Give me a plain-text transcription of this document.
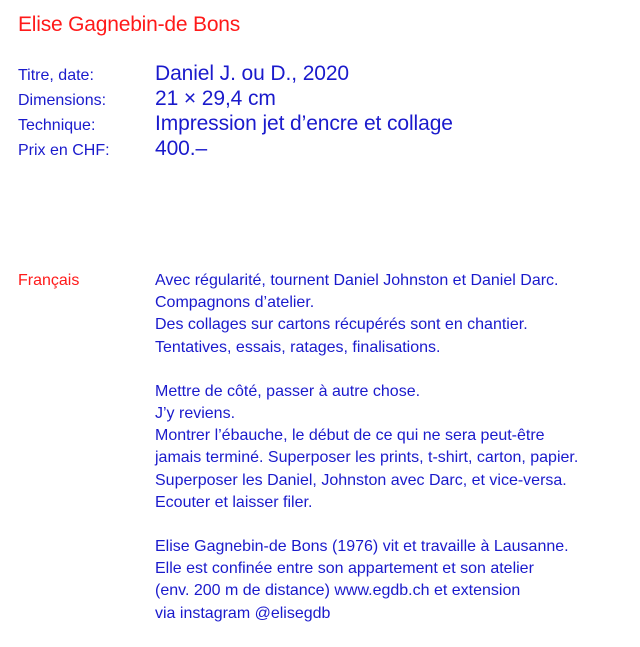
Elise Gagnebin-de Bons
Titre, date:	Daniel J. ou D., 2020
Dimensions:	21 × 29,4 cm
Technique:	Impression jet d’encre et collage
Prix en CHF:	400.–
Français	Avec régularité, tournent Daniel Johnston et Daniel Darc.
Compagnons d’atelier.
Des collages sur cartons récupérés sont en chantier.
Tentatives, essais, ratages, finalisations.

Mettre de côté, passer à autre chose.
J’y reviens.
Montrer l’ébauche, le début de ce qui ne sera peut-être
jamais terminé. Superposer les prints, t-shirt, carton, papier.
Superposer les Daniel, Johnston avec Darc, et vice-versa.
Ecouter et laisser filer.

Elise Gagnebin-de Bons (1976) vit et travaille à Lausanne.
Elle est confinée entre son appartement et son atelier
(env. 200 m de distance) www.egdb.ch et extension
via instagram @elisegdb
